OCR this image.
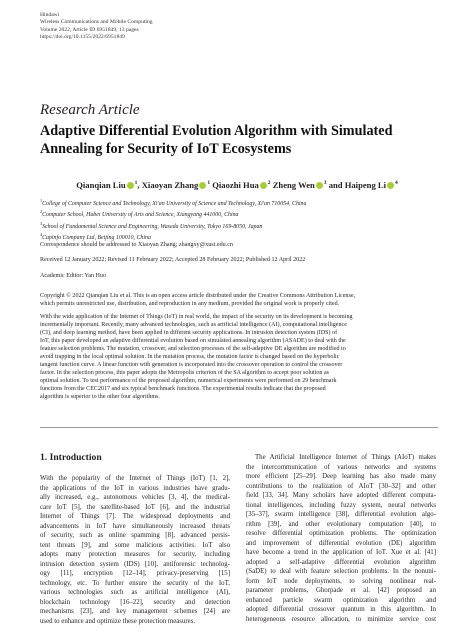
Hindawi
Wireless Communications and Mobile Computing
Volume 2022, Article ID 6951849, 13 pages
https://doi.org/10.1155/2022/6951849
Research Article
Adaptive Differential Evolution Algorithm with Simulated
Annealing for Security of IoT Ecosystems
Qianqian Liu $^1$, Xiaoyan Zhang $^1$ Qiaozhi Hua $^2$ Zheng Wen $^3$ and Haipeng Li $^4$
$^1$College of Computer Science and Technology, Xi'an University of Science and Technology, Xi'an 710054, China
$^2$Computer School, Hubei University of Arts and Science, Xiangyang 441000, China
$^3$School of Fundamental Science and Engineering, Waseda University, Tokyo 169-8050, Japan
$^4$Capinfo Company Ltd, Beijing 100010, China
Correspondence should be addressed to Xiaoyan Zhang; zhangxy@xust.edu.cn
Received 12 January 2022; Revised 11 February 2022; Accepted 28 February 2022; Published 12 April 2022
Academic Editor: Yan Huo
Copyright © 2022 Qianqian Liu et al. This is an open access article distributed under the Creative Commons Attribution License,
which permits unrestricted use, distribution, and reproduction in any medium, provided the original work is properly cited.
With the wide application of the Internet of Things (IoT) in real world, the impact of the security on its development is becoming
incrementally important. Recently, many advanced technologies, such as artificial intelligence (AI), computational intelligence
(CI), and deep learning method, have been applied in different security applications. In intrusion detection system (IDS) of
IoT, this paper developed an adaptive differential evolution based on simulated annealing algorithm (ASADE) to deal with the
feature selection problems. The mutation, crossover, and selection processes of the self-adaptive DE algorithm are modified to
avoid trapping in the local optimal solution. In the mutation process, the mutation factor is changed based on the hyperbolic
tangent function curve. A linear function with generation is incorporated into the crossover operation to control the crossover
factor. In the selection process, this paper adopts the Metropolis criterion of the SA algorithm to accept poor solution as
optimal solution. To test performance of the proposed algorithm, numerical experiments were performed on 29 benchmark
functions from the CEC2017 and six typical benchmark functions. The experimental results indicate that the proposed
algorithm is superior to the other four algorithms.
1. Introduction
With the popularity of the Internet of Things (IoT) [1, 2],
the applications of the IoT in various industries have gradu-
ally increased, e.g., autonomous vehicles [3, 4], the medical-
care IoT [5], the satellite-based IoT [6], and the industrial
Internet of Things [7]. The widespread deployments and
advancements in IoT have simultaneously increased threats
of security, such as online spamming [8], advanced persis-
tent threats [9], and some malicious activities. IoT also
adopts many protection measures for security, including
intrusion detection system (IDS) [10], antiforensic technolog-
ogy [11], encryption [12–14], privacy-preserving [15]
technology, etc. To further ensure the security of the IoT,
various technologies such as artificial intelligence (AI),
blockchain technology [16–22], security and detection
mechanisms [23], and key management schemes [24] are
used to enhance and optimize these protection measures.
The Artificial Intelligence Internet of Things (AIoT) makes
the intercommunication of various networks and systems
more efficient [25–29]. Deep learning has also made many
contributions to the realization of AIoT [30–32] and other
field [33, 34]. Many scholars have adopted different computa-
tional intelligences, including fuzzy system, neural networks
[35–37], swarm intelligence [38], differential evolution algo-
rithm [39], and other evolutionary computation [40], to
resolve differential optimization problems. The optimization
and improvement of differential evolution (DE) algorithm
have become a trend in the application of IoT. Xue et al. [41]
adopted a self-adaptive differential evolution algorithm
(SaDE) to deal with feature selection problems. In the nonuni-
form IoT node deployments, to solving nonlinear real-
parameter problems, Ghorpade et al. [42] proposed an
enhanced particle swarm optimization algorithm and
adopted differential crossover quantum in this algorithm. In
heterogeneous resource allocation, to minimize service cost
